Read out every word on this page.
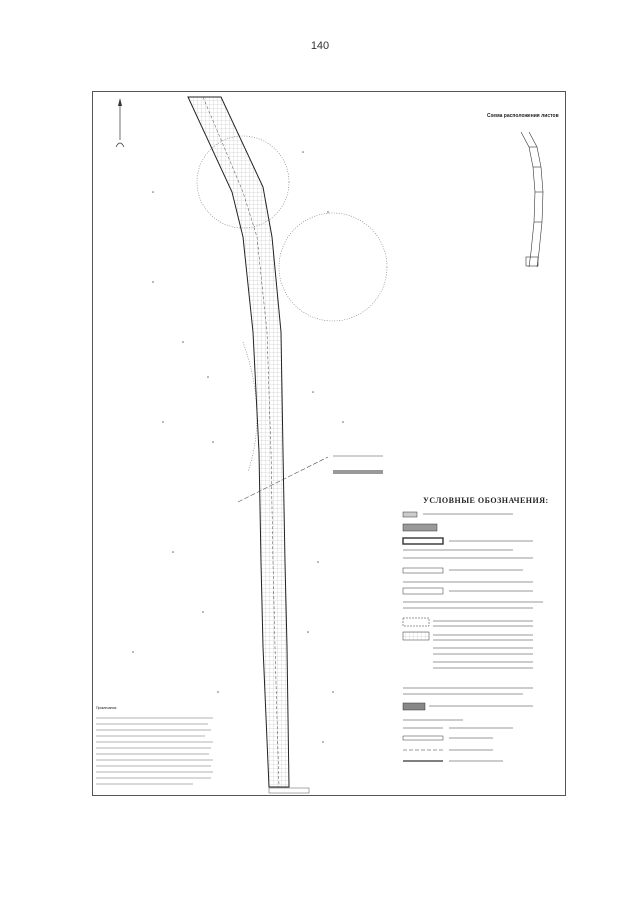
140
Схема расположения листов
УСЛОВНЫЕ ОБОЗНАЧЕНИЯ:
Примечания:
